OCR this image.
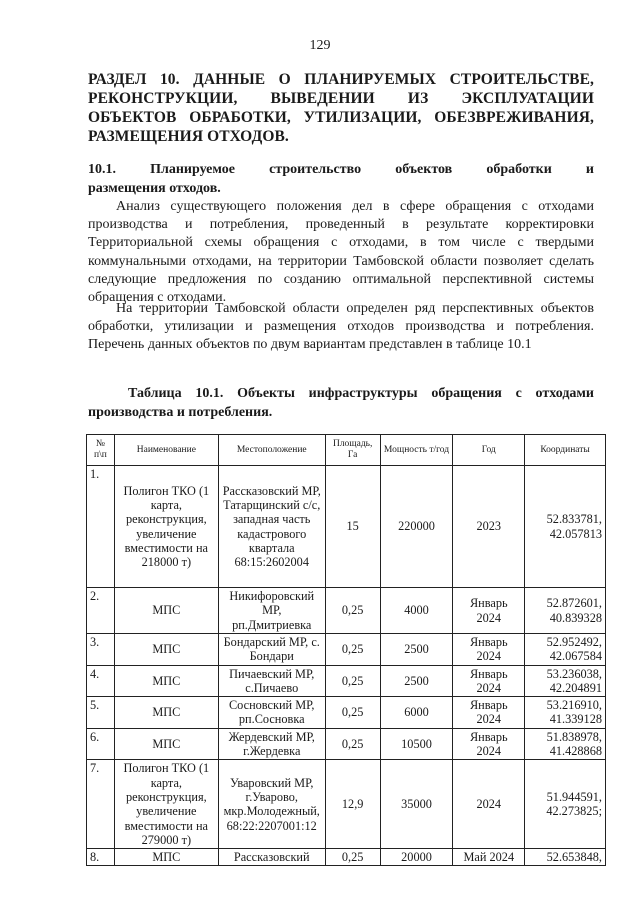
129
РАЗДЕЛ 10. ДАННЫЕ О ПЛАНИРУЕМЫХ СТРОИТЕЛЬСТВЕ, РЕКОНСТРУКЦИИ, ВЫВЕДЕНИИ ИЗ ЭКСПЛУАТАЦИИ ОБЪЕКТОВ ОБРАБОТКИ, УТИЛИЗАЦИИ, ОБЕЗВРЕЖИВАНИЯ, РАЗМЕЩЕНИЯ ОТХОДОВ.
10.1. Планируемое строительство объектов обработки и
размещения отходов.
Анализ существующего положения дел в сфере обращения с отходами производства и потребления, проведенный в результате корректировки Территориальной схемы обращения с отходами, в том числе с твердыми коммунальными отходами, на территории Тамбовской области позволяет сделать следующие предложения по созданию оптимальной перспективной системы обращения с отходами.
На территории Тамбовской области определен ряд перспективных объектов обработки, утилизации и размещения отходов производства и потребления. Перечень данных объектов по двум вариантам представлен в таблице 10.1
Таблица 10.1. Объекты инфраструктуры обращения с отходами производства и потребления.
№ п\п	Наименование	Местоположение	Площадь, Га	Мощность т/год	Год	Координаты
1.	Полигон ТКО (1 карта, реконструкция, увеличение вместимости на 218000 т)	Рассказовский МР, Татарщинский с/с, западная часть кадастрового квартала 68:15:2602004	15	220000	2023	52.833781, 42.057813
2.	МПС	Никифоровский МР, рп.Дмитриевка	0,25	4000	Январь 2024	52.872601, 40.839328
3.	МПС	Бондарский МР, с. Бондари	0,25	2500	Январь 2024	52.952492, 42.067584
4.	МПС	Пичаевский МР, с.Пичаево	0,25	2500	Январь 2024	53.236038, 42.204891
5.	МПС	Сосновский МР, рп.Сосновка	0,25	6000	Январь 2024	53.216910, 41.339128
6.	МПС	Жердевский МР, г.Жердевка	0,25	10500	Январь 2024	51.838978, 41.428868
7.	Полигон ТКО (1 карта, реконструкция, увеличение вместимости на 279000 т)	Уваровский МР, г.Уварово, мкр.Молодежный, 68:22:2207001:12	12,9	35000	2024	51.944591, 42.273825;
8.	МПС	Рассказовский	0,25	20000	Май 2024	52.653848,
